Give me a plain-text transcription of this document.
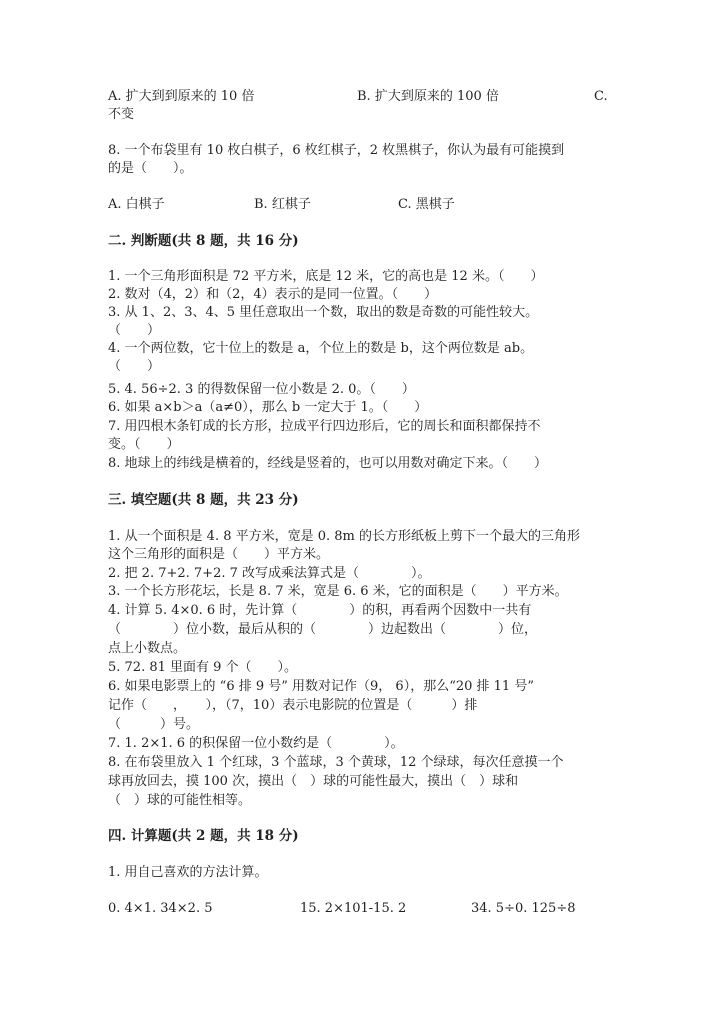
A. 扩大到到原来的 10 倍	B. 扩大到原来的 100 倍	C.
不变
8. 一个布袋里有 10 枚白棋子，6 枚红棋子，2 枚黑棋子，你认为最有可能摸到
的是（　　）。
A. 白棋子	B. 红棋子	C. 黑棋子
二. 判断题(共 8 题，共 16 分)
1. 一个三角形面积是 72 平方米，底是 12 米，它的高也是 12 米。（　　）
2. 数对（4，2）和（2，4）表示的是同一位置。（　　）
3. 从 1、2、3、4、5 里任意取出一个数，取出的数是奇数的可能性较大。
（　　）
4. 一个两位数，它十位上的数是 a，个位上的数是 b，这个两位数是 ab。
（　　）
5. 4. 56÷2. 3 的得数保留一位小数是 2. 0。（　　）
6. 如果 a×b＞a（a≠0），那么 b 一定大于 1。（　　）
7. 用四根木条钉成的长方形，拉成平行四边形后，它的周长和面积都保持不
变。（　　）
8. 地球上的纬线是横着的，经线是竖着的，也可以用数对确定下来。（　　）
三. 填空题(共 8 题，共 23 分)
1. 从一个面积是 4. 8 平方米，宽是 0. 8m 的长方形纸板上剪下一个最大的三角形
这个三角形的面积是（　　）平方米。
2. 把 2. 7+2. 7+2. 7 改写成乘法算式是（　　　　）。
3. 一个长方形花坛，长是 8. 7 米，宽是 6. 6 米，它的面积是（　　）平方米。
4. 计算 5. 4×0. 6 时，先计算（　　　　）的积，再看两个因数中一共有
（　　　　）位小数，最后从积的（　　　　）边起数出（　　　　）位，
点上小数点。
5. 72. 81 里面有 9 个（　　）。
6. 如果电影票上的 “6 排 9 号” 用数对记作（9， 6），那么“20 排 11 号”
记作（　　，　　），（7，10）表示电影院的位置是（　　　）排
（　　　）号。
7. 1. 2×1. 6 的积保留一位小数约是（　　　　）。
8. 在布袋里放入 1 个红球，3 个蓝球，3 个黄球，12 个绿球，每次任意摸一个
球再放回去，摸 100 次，摸出（　）球的可能性最大，摸出（　）球和
（　）球的可能性相等。
四. 计算题(共 2 题，共 18 分)
1. 用自己喜欢的方法计算。
0. 4×1. 34×2. 5	15. 2×101-15. 2	34. 5÷0. 125÷8
